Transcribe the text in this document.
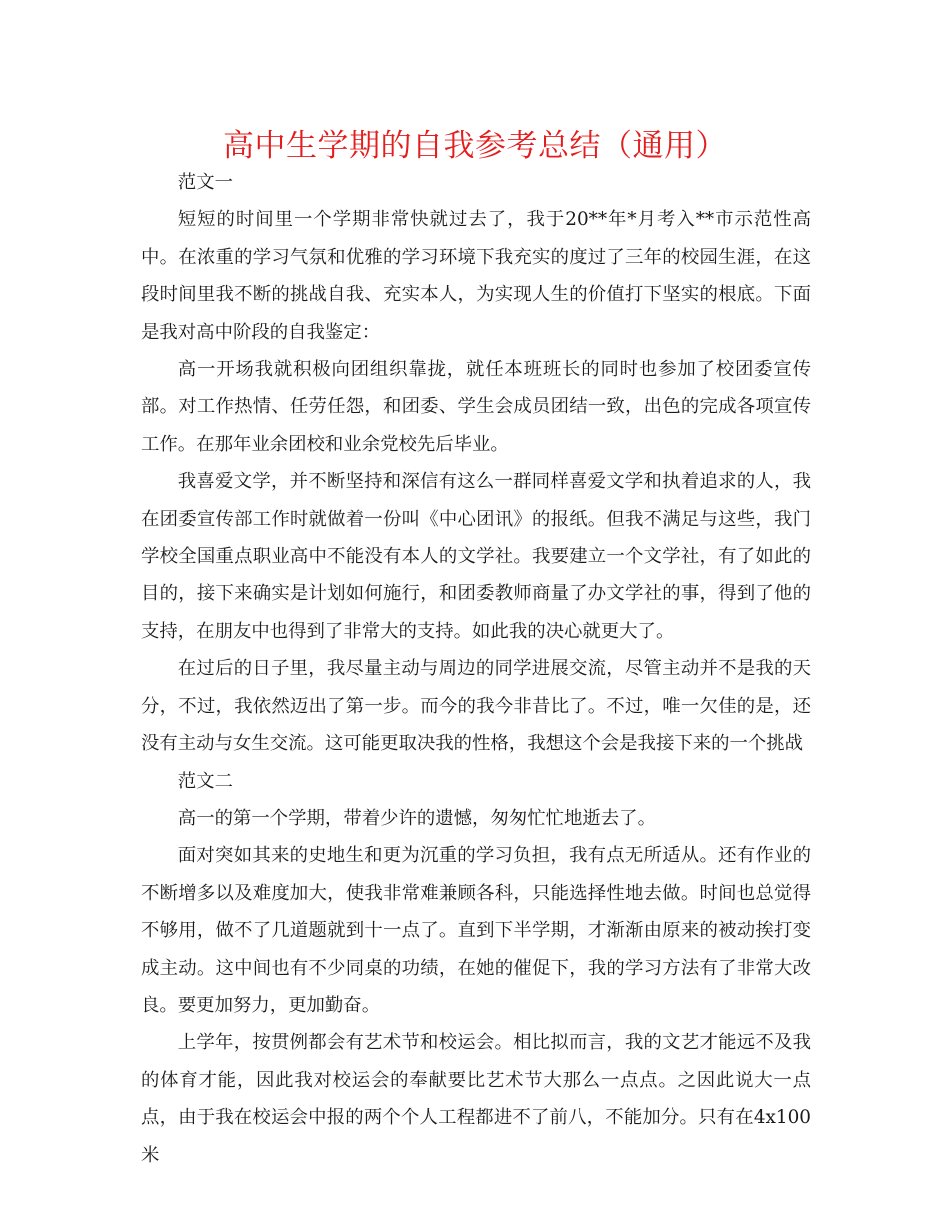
高中生学期的自我参考总结（通用）

范文一

短短的时间里一个学期非常快就过去了，我于20**年*月考入**市示范性高中。在浓重的学习气氛和优雅的学习环境下我充实的度过了三年的校园生涯，在这段时间里我不断的挑战自我、充实本人，为实现人生的价值打下坚实的根底。下面是我对高中阶段的自我鉴定：

高一开场我就积极向团组织靠拢，就任本班班长的同时也参加了校团委宣传部。对工作热情、任劳任怨，和团委、学生会成员团结一致，出色的完成各项宣传工作。在那年业余团校和业余党校先后毕业。

我喜爱文学，并不断坚持和深信有这么一群同样喜爱文学和执着追求的人，我在团委宣传部工作时就做着一份叫《中心团讯》的报纸。但我不满足与这些，我门学校全国重点职业高中不能没有本人的文学社。我要建立一个文学社，有了如此的目的，接下来确实是计划如何施行，和团委教师商量了办文学社的事，得到了他的支持，在朋友中也得到了非常大的支持。如此我的决心就更大了。

在过后的日子里，我尽量主动与周边的同学进展交流，尽管主动并不是我的天分，不过，我依然迈出了第一步。而今的我今非昔比了。不过，唯一欠佳的是，还没有主动与女生交流。这可能更取决我的性格，我想这个会是我接下来的一个挑战

范文二

高一的第一个学期，带着少许的遗憾，匆匆忙忙地逝去了。

面对突如其来的史地生和更为沉重的学习负担，我有点无所适从。还有作业的不断增多以及难度加大，使我非常难兼顾各科，只能选择性地去做。时间也总觉得不够用，做不了几道题就到十一点了。直到下半学期，才渐渐由原来的被动挨打变成主动。这中间也有不少同桌的功绩，在她的催促下，我的学习方法有了非常大改良。要更加努力，更加勤奋。

上学年，按贯例都会有艺术节和校运会。相比拟而言，我的文艺才能远不及我的体育才能，因此我对校运会的奉献要比艺术节大那么一点点。之因此说大一点点，由于我在校运会中报的两个个人工程都进不了前八，不能加分。只有在4x100米
